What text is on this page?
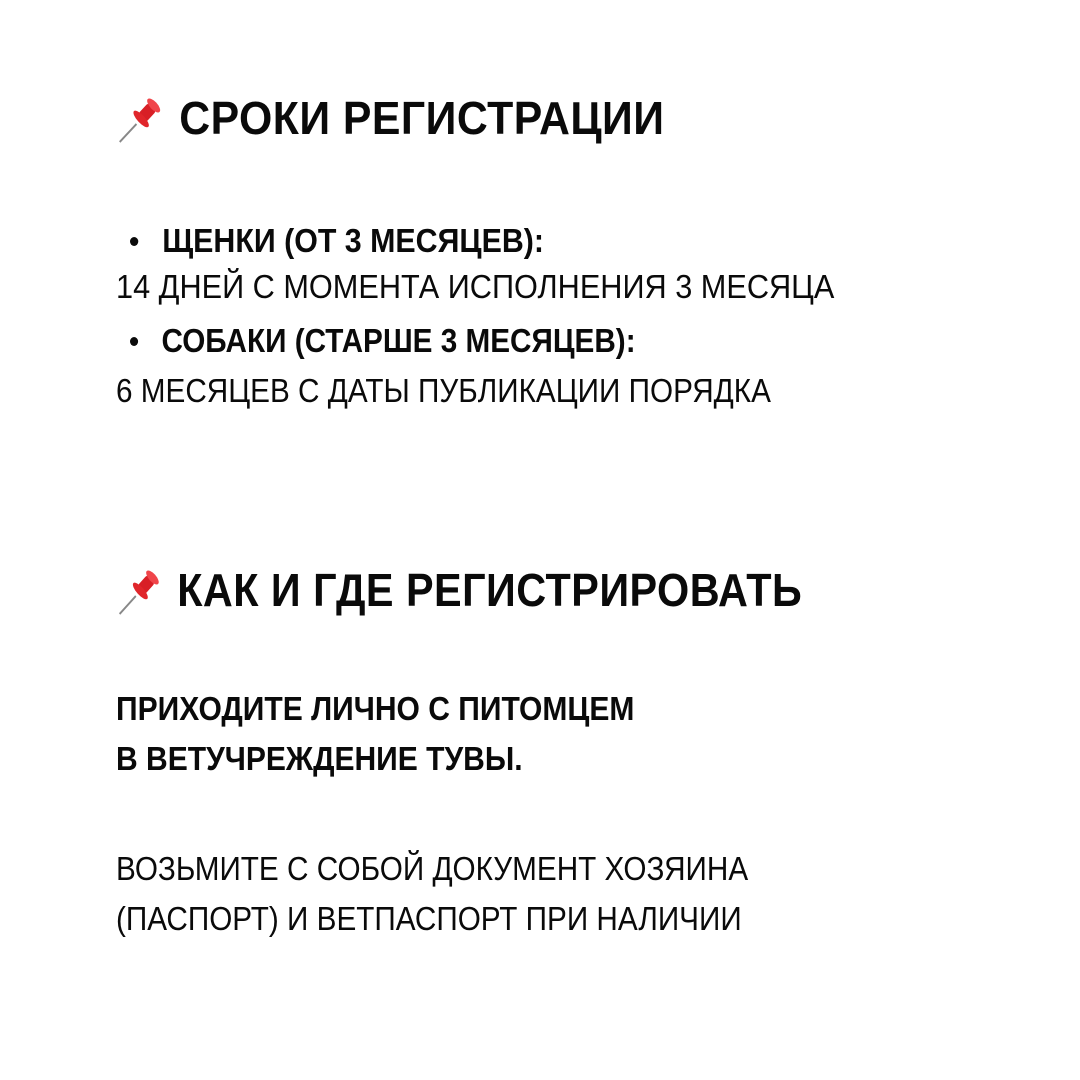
СРОКИ РЕГИСТРАЦИИ
ЩЕНКИ (ОТ 3 МЕСЯЦЕВ):
14 ДНЕЙ С МОМЕНТА ИСПОЛНЕНИЯ 3 МЕСЯЦА
СОБАКИ (СТАРШЕ 3 МЕСЯЦЕВ):
6 МЕСЯЦЕВ С ДАТЫ ПУБЛИКАЦИИ ПОРЯДКА
КАК И ГДЕ РЕГИСТРИРОВАТЬ
ПРИХОДИТЕ ЛИЧНО С ПИТОМЦЕМ
В ВЕТУЧРЕЖДЕНИЕ ТУВЫ.
ВОЗЬМИТЕ С СОБОЙ ДОКУМЕНТ ХОЗЯИНА
(ПАСПОРТ) И ВЕТПАСПОРТ ПРИ НАЛИЧИИ
